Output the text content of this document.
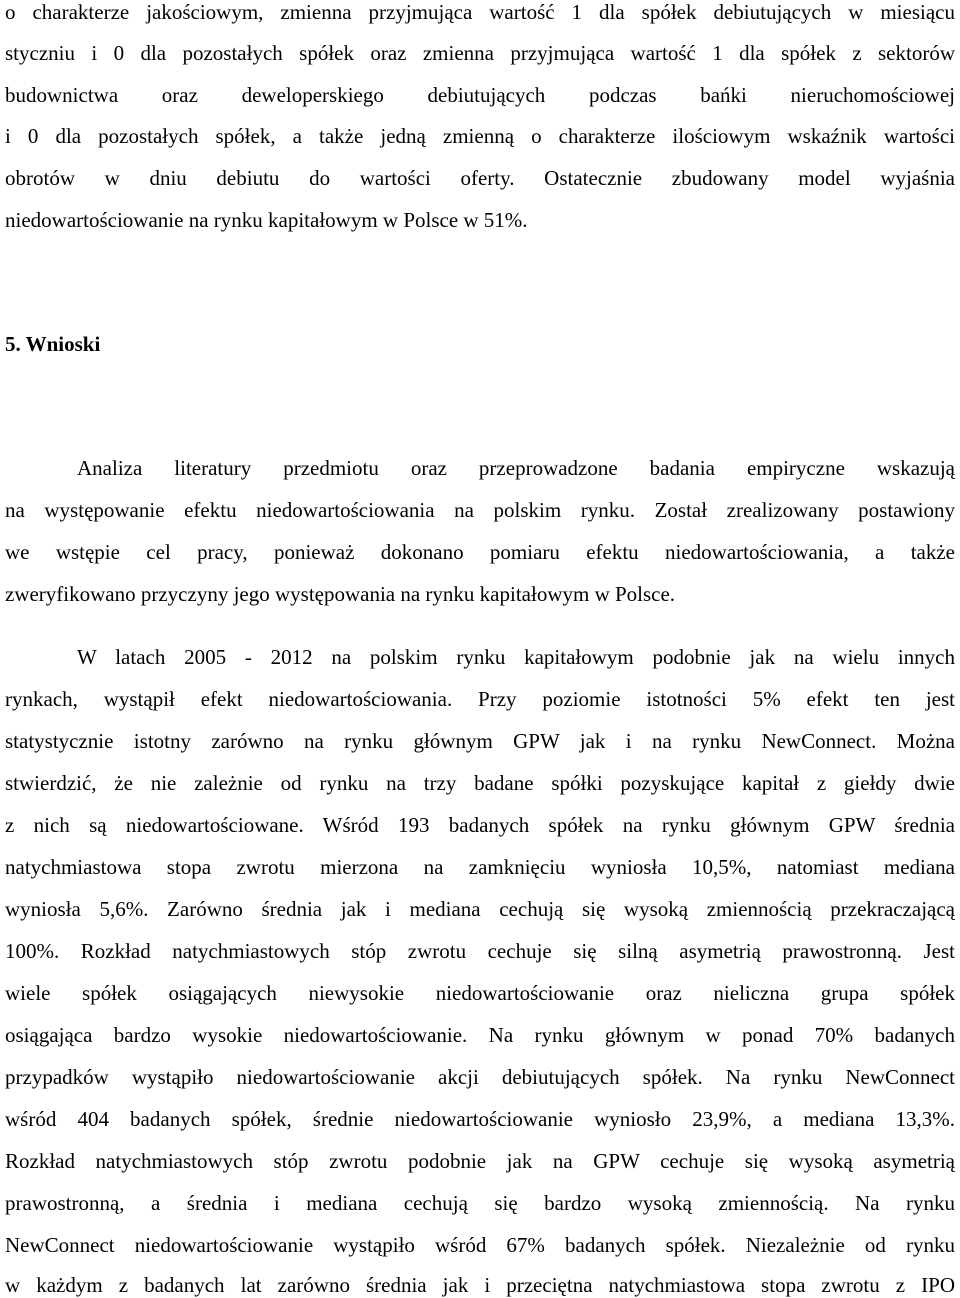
o charakterze jakościowym, zmienna przyjmująca wartość 1 dla spółek debiutujących w miesiącu
styczniu i 0 dla pozostałych spółek oraz zmienna przyjmująca wartość 1 dla spółek z sektorów
budownictwa oraz deweloperskiego debiutujących podczas bańki nieruchomościowej
i 0 dla pozostałych spółek, a także jedną zmienną o charakterze ilościowym wskaźnik wartości
obrotów w dniu debiutu do wartości oferty. Ostatecznie zbudowany model wyjaśnia
niedowartościowanie na rynku kapitałowym w Polsce w 51%.
5. Wnioski
Analiza literatury przedmiotu oraz przeprowadzone badania empiryczne wskazują
na występowanie efektu niedowartościowania na polskim rynku. Został zrealizowany postawiony
we wstępie cel pracy, ponieważ dokonano pomiaru efektu niedowartościowania, a także
zweryfikowano przyczyny jego występowania na rynku kapitałowym w Polsce.
W latach 2005 - 2012 na polskim rynku kapitałowym podobnie jak na wielu innych
rynkach, wystąpił efekt niedowartościowania. Przy poziomie istotności 5% efekt ten jest
statystycznie istotny zarówno na rynku głównym GPW jak i na rynku NewConnect. Można
stwierdzić, że nie zależnie od rynku na trzy badane spółki pozyskujące kapitał z giełdy dwie
z nich są niedowartościowane. Wśród 193 badanych spółek na rynku głównym GPW średnia
natychmiastowa stopa zwrotu mierzona na zamknięciu wyniosła 10,5%, natomiast mediana
wyniosła 5,6%. Zarówno średnia jak i mediana cechują się wysoką zmiennością przekraczającą
100%. Rozkład natychmiastowych stóp zwrotu cechuje się silną asymetrią prawostronną. Jest
wiele spółek osiągających niewysokie niedowartościowanie oraz nieliczna grupa spółek
osiągająca bardzo wysokie niedowartościowanie. Na rynku głównym w ponad 70% badanych
przypadków wystąpiło niedowartościowanie akcji debiutujących spółek. Na rynku NewConnect
wśród 404 badanych spółek, średnie niedowartościowanie wyniosło 23,9%, a mediana 13,3%.
Rozkład natychmiastowych stóp zwrotu podobnie jak na GPW cechuje się wysoką asymetrią
prawostronną, a średnia i mediana cechują się bardzo wysoką zmiennością. Na rynku
NewConnect niedowartościowanie wystąpiło wśród 67% badanych spółek. Niezależnie od rynku
w każdym z badanych lat zarówno średnia jak i przeciętna natychmiastowa stopa zwrotu z IPO
